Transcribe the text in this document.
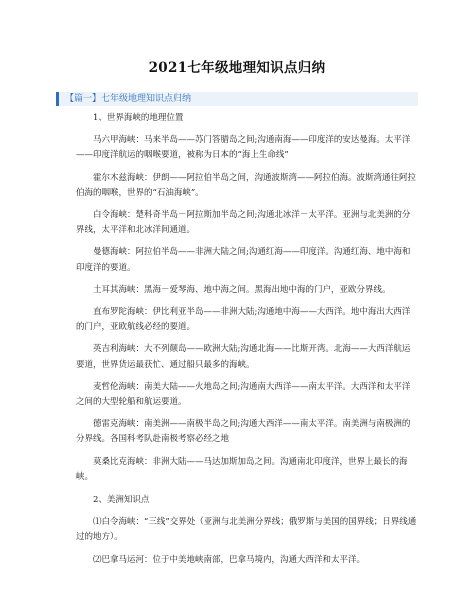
2021七年级地理知识点归纳
【篇一】七年级地理知识点归纳

1、世界海峡的地理位置

马六甲海峡：马来半岛——苏门答腊岛之间;沟通南海——印度洋的安达曼海。太平洋——印度洋航运的咽喉要道，被称为日本的“海上生命线”

霍尔木兹海峡：伊朗——阿拉伯半岛之间，沟通波斯湾——阿拉伯海。波斯湾通往阿拉伯海的咽喉，世界的“石油海峡”。

白令海峡：楚科奇半岛－阿拉斯加半岛之间;沟通北冰洋－太平洋。亚洲与北美洲的分界线，太平洋和北冰洋间通道。

曼德海峡：阿拉伯半岛——非洲大陆之间;沟通红海——印度洋。沟通红海、地中海和印度洋的要道。

土耳其海峡：黑海－爱琴海、地中海之间。黑海出地中海的门户，亚欧分界线。

直布罗陀海峡：伊比利亚半岛——非洲大陆;沟通地中海——大西洋。地中海出大西洋的门户，亚欧航线必经的要道。

英吉利海峡：大不列颠岛——欧洲大陆;沟通北海——比斯开湾。北海——大西洋航运要道，世界货运最获忙、通过船只最多的海峡。

麦哲伦海峡：南美大陆——火地岛之间;沟通南大西洋——南太平洋。大西洋和太平洋之间的大型轮船和航运要道。

德雷克海峡：南美洲——南极半岛之间;沟通大西洋——南太平洋。南美洲与南极洲的分界线。各国科考队赴南极考察必经之地

莫桑比克海峡：非洲大陆——马达加斯加岛之间。沟通南北印度洋，世界上最长的海峡。

2、美洲知识点

⑴白令海峡：“三线”交界处（亚洲与北美洲分界线；俄罗斯与美国的国界线；日界线通过的地方）。

⑵巴拿马运河：位于中美地峡南部，巴拿马境内，沟通大西洋和太平洋。
